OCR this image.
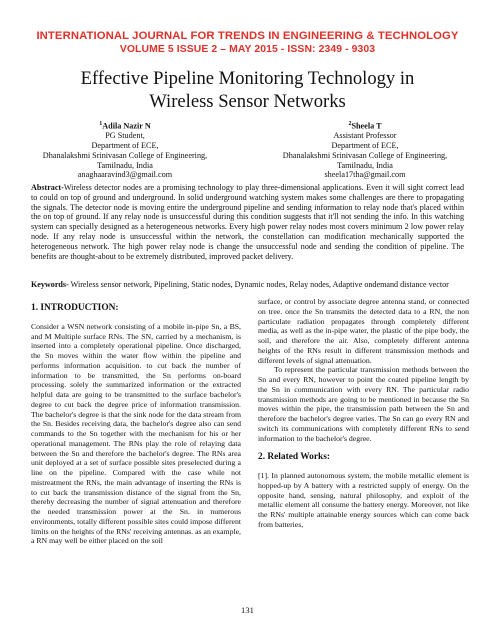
INTERNATIONAL JOURNAL FOR TRENDS IN ENGINEERING & TECHNOLOGY
VOLUME 5 ISSUE 2 – MAY 2015 - ISSN: 2349 - 9303
Effective Pipeline Monitoring Technology in
Wireless Sensor Networks
$^1$Adila Nazir N
PG Student,
Department of ECE,
Dhanalakshmi Srinivasan College of Engineering,
Tamilnadu, India
anaghaaravind3@gmail.com
$^2$Sheela T
Assistant Professor
Department of ECE,
Dhanalakshmi Srinivasan College of Engineering,
Tamilnadu, India
sheela17tha@gmail.com
Abstract-Wireless detector nodes are a promising technology to play three-dimensional applications. Even it will sight correct lead to could on top of ground and underground. In solid underground watching system makes some challenges are there to propagating the signals. The detector node is moving entire the underground pipeline and sending information to relay node that's placed within the on top of ground. If any relay node is unsuccessful during this condition suggests that it'll not sending the info. In this watching system can specially designed as a heterogeneous networks. Every high power relay nodes most covers minimum 2 low power relay node. If any relay node is unsuccessful within the network, the constellation can modification mechanically supported the heterogeneous network. The high power relay node is change the unsuccessful node and sending the condition of pipeline. The benefits are thought-about to be extremely distributed, improved packet delivery.
Keywords- Wireless sensor network, Pipelining, Static nodes, Dynamic nodes, Relay nodes, Adaptive ondemand distance vector
1. INTRODUCTION:

Consider a WSN network consisting of a mobile in-pipe Sn, a BS, and M Multiple surface RNs. The SN, carried by a mechanism, is inserted into a completely operational pipeline. Once discharged, the Sn moves within the water flow within the pipeline and performs information acquisition. to cut back the number of information to be transmitted, the Sn performs on-board processing. solely the summarized information or the extracted helpful data are going to be transmitted to the surface bachelor's degree to cut back the degree price of information transmission. The bachelor's degree is that the sink node for the data stream from the Sn. Besides receiving data, the bachelor's degree also can send commands to the Sn together with the mechanism for his or her operational management. The RNs play the role of relaying data between the Sn and therefore the bachelor's degree. The RNs area unit deployed at a set of surface possible sites preselected during a line on the pipeline. Compared with the case while not mistreatment the RNs, the main advantage of inserting the RNs is to cut back the transmission distance of the signal from the Sn, thereby decreasing the number of signal attenuation and therefore the needed transmission power at the Sn. in numerous environments, totally different possible sites could impose different limits on the heights of the RNs' receiving antennas. as an example, a RN may well be either placed on the soil

surface, or control by associate degree antenna stand, or connected on tree. once the Sn transmits the detected data to a RN, the non particulate radiation propagates through completely different media, as well as the in-pipe water, the plastic of the pipe body, the soil, and therefore the air. Also, completely different antenna heights of the RNs result in different transmission methods and different levels of signal attenuation.

To represent the particular transmission methods between the Sn and every RN, however to point the coated pipeline length by the Sn in communication with every RN. The particular radio transmission methods are going to be mentioned in because the Sn moves within the pipe, the transmission path between the Sn and therefore the bachelor's degree varies. The Sn can go every RN and switch its communications with completely different RNs to send information to the bachelor's degree.

2. Related Works:

[1]. In planned autonomous system, the mobile metallic element is hopped-up by A battery with a restricted supply of energy. On the opposite hand, sensing, natural philosophy, and exploit of the metallic element all consume the battery energy. Moreover, not like the RNs' multiple attainable energy sources which can come back from batteries,

131
